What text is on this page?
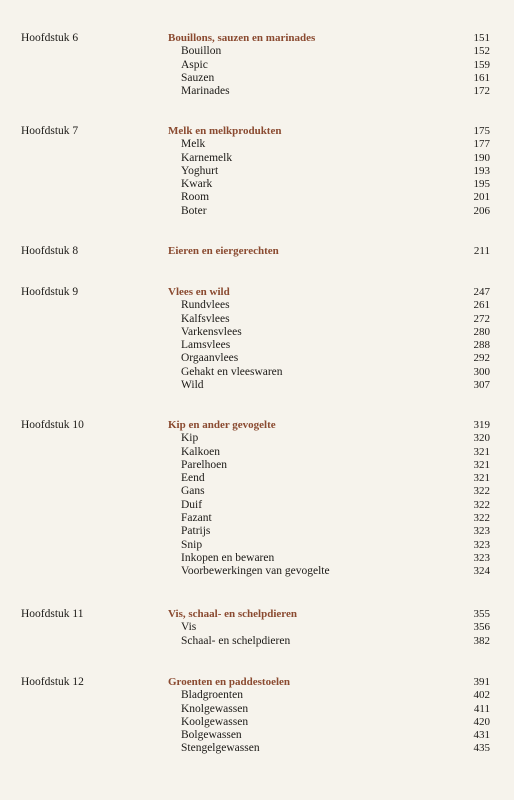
Hoofdstuk 6	Bouillons, sauzen en marinades	151
Bouillon	152
Aspic	159
Sauzen	161
Marinades	172
Hoofdstuk 7	Melk en melkprodukten	175
Melk	177
Karnemelk	190
Yoghurt	193
Kwark	195
Room	201
Boter	206
Hoofdstuk 8	Eieren en eiergerechten	211
Hoofdstuk 9	Vlees en wild	247
Rundvlees	261
Kalfsvlees	272
Varkensvlees	280
Lamsvlees	288
Orgaanvlees	292
Gehakt en vleeswaren	300
Wild	307
Hoofdstuk 10	Kip en ander gevogelte	319
Kip	320
Kalkoen	321
Parelhoen	321
Eend	321
Gans	322
Duif	322
Fazant	322
Patrijs	323
Snip	323
Inkopen en bewaren	323
Voorbewerkingen van gevogelte	324
Hoofdstuk 11	Vis, schaal- en schelpdieren	355
Vis	356
Schaal- en schelpdieren	382
Hoofdstuk 12	Groenten en paddestoelen	391
Bladgroenten	402
Knolgewassen	411
Koolgewassen	420
Bolgewassen	431
Stengelgewassen	435
